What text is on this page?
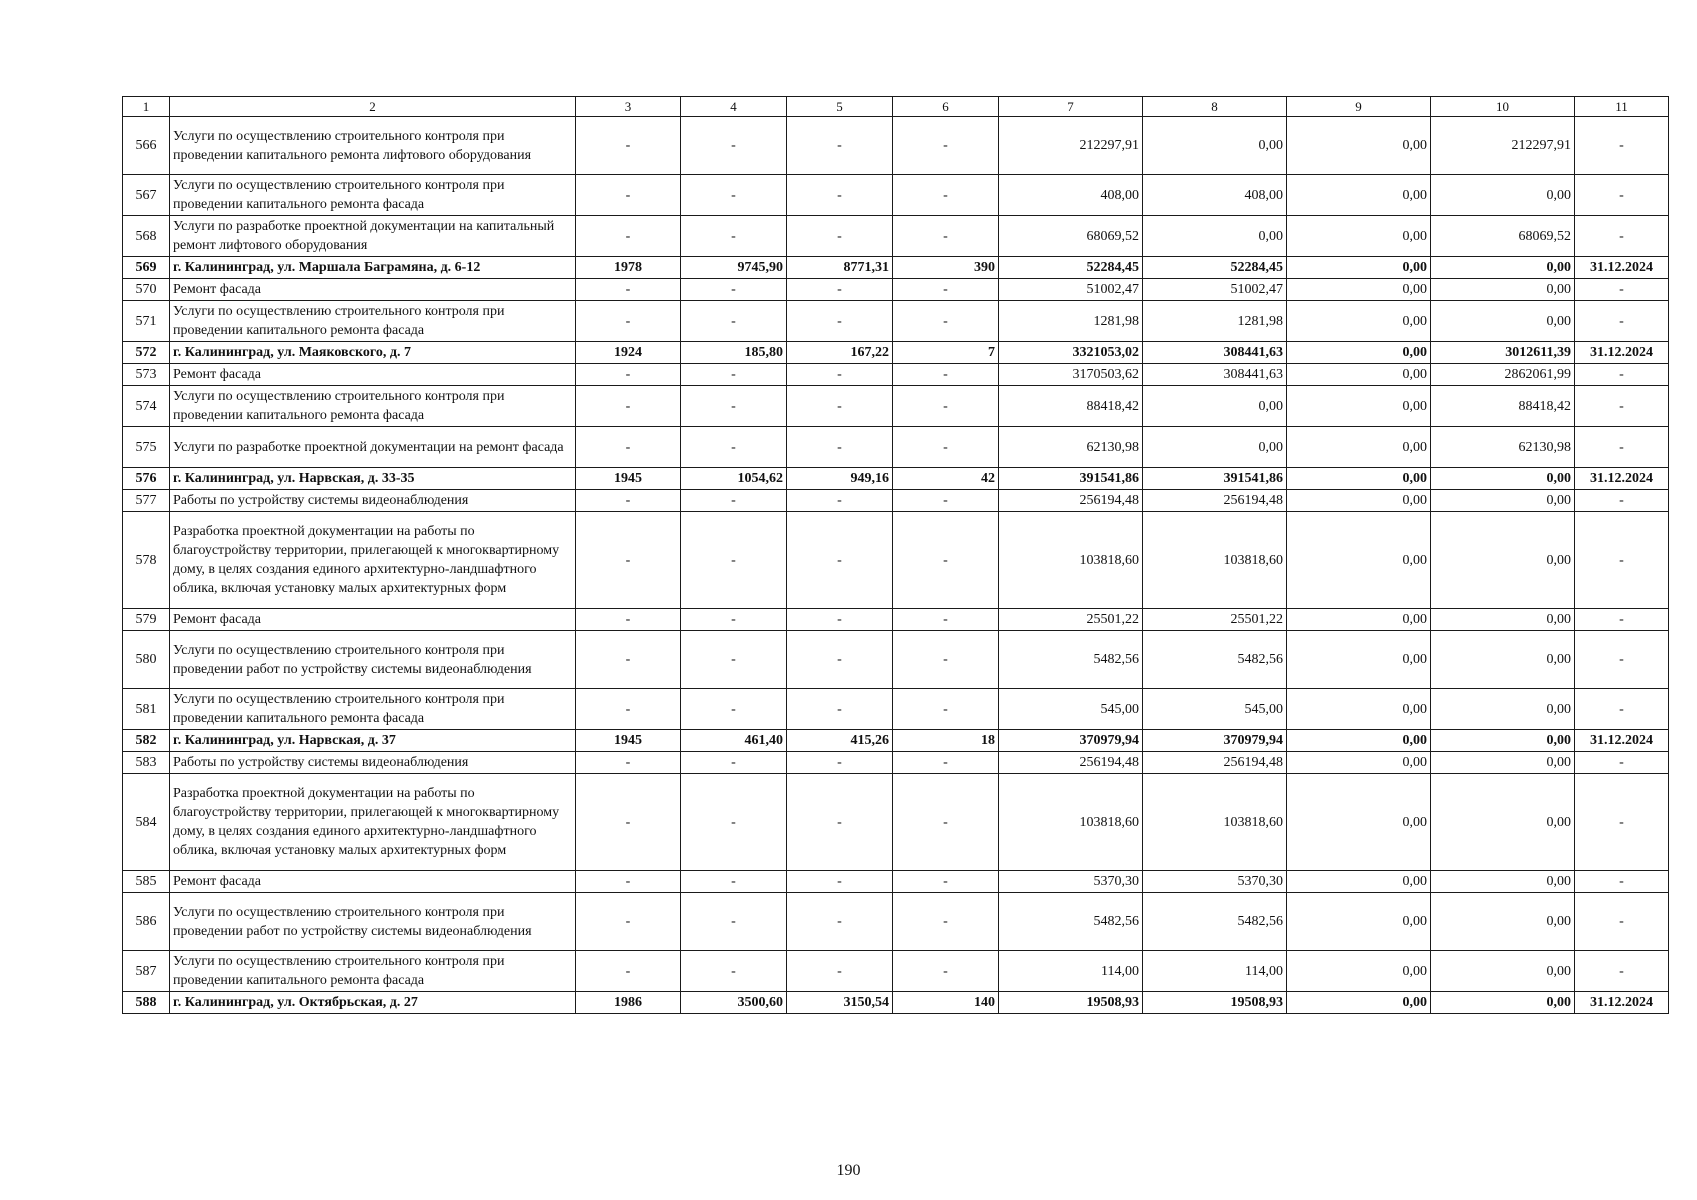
1	2	3	4	5	6	7	8	9	10	11
566	Услуги по осуществлению строительного контроля при проведении капитального ремонта лифтового оборудования	-	-	-	-	212297,91	0,00	0,00	212297,91	-
567	Услуги по осуществлению строительного контроля при проведении капитального ремонта фасада	-	-	-	-	408,00	408,00	0,00	0,00	-
568	Услуги по разработке проектной документации на капитальный ремонт лифтового оборудования	-	-	-	-	68069,52	0,00	0,00	68069,52	-
569	г. Калининград, ул. Маршала Баграмяна, д. 6-12	1978	9745,90	8771,31	390	52284,45	52284,45	0,00	0,00	31.12.2024
570	Ремонт фасада	-	-	-	-	51002,47	51002,47	0,00	0,00	-
571	Услуги по осуществлению строительного контроля при проведении капитального ремонта фасада	-	-	-	-	1281,98	1281,98	0,00	0,00	-
572	г. Калининград, ул. Маяковского, д. 7	1924	185,80	167,22	7	3321053,02	308441,63	0,00	3012611,39	31.12.2024
573	Ремонт фасада	-	-	-	-	3170503,62	308441,63	0,00	2862061,99	-
574	Услуги по осуществлению строительного контроля при проведении капитального ремонта фасада	-	-	-	-	88418,42	0,00	0,00	88418,42	-
575	Услуги по разработке проектной документации на ремонт фасада	-	-	-	-	62130,98	0,00	0,00	62130,98	-
576	г. Калининград, ул. Нарвская, д. 33-35	1945	1054,62	949,16	42	391541,86	391541,86	0,00	0,00	31.12.2024
577	Работы по устройству системы видеонаблюдения	-	-	-	-	256194,48	256194,48	0,00	0,00	-
578	Разработка проектной документации на работы по благоустройству территории, прилегающей к многоквартирному дому, в целях создания единого архитектурно-ландшафтного облика, включая установку малых архитектурных форм	-	-	-	-	103818,60	103818,60	0,00	0,00	-
579	Ремонт фасада	-	-	-	-	25501,22	25501,22	0,00	0,00	-
580	Услуги по осуществлению строительного контроля при проведении работ по устройству системы видеонаблюдения	-	-	-	-	5482,56	5482,56	0,00	0,00	-
581	Услуги по осуществлению строительного контроля при проведении капитального ремонта фасада	-	-	-	-	545,00	545,00	0,00	0,00	-
582	г. Калининград, ул. Нарвская, д. 37	1945	461,40	415,26	18	370979,94	370979,94	0,00	0,00	31.12.2024
583	Работы по устройству системы видеонаблюдения	-	-	-	-	256194,48	256194,48	0,00	0,00	-
584	Разработка проектной документации на работы по благоустройству территории, прилегающей к многоквартирному дому, в целях создания единого архитектурно-ландшафтного облика, включая установку малых архитектурных форм	-	-	-	-	103818,60	103818,60	0,00	0,00	-
585	Ремонт фасада	-	-	-	-	5370,30	5370,30	0,00	0,00	-
586	Услуги по осуществлению строительного контроля при проведении работ по устройству системы видеонаблюдения	-	-	-	-	5482,56	5482,56	0,00	0,00	-
587	Услуги по осуществлению строительного контроля при проведении капитального ремонта фасада	-	-	-	-	114,00	114,00	0,00	0,00	-
588	г. Калининград, ул. Октябрьская, д. 27	1986	3500,60	3150,54	140	19508,93	19508,93	0,00	0,00	31.12.2024
190
